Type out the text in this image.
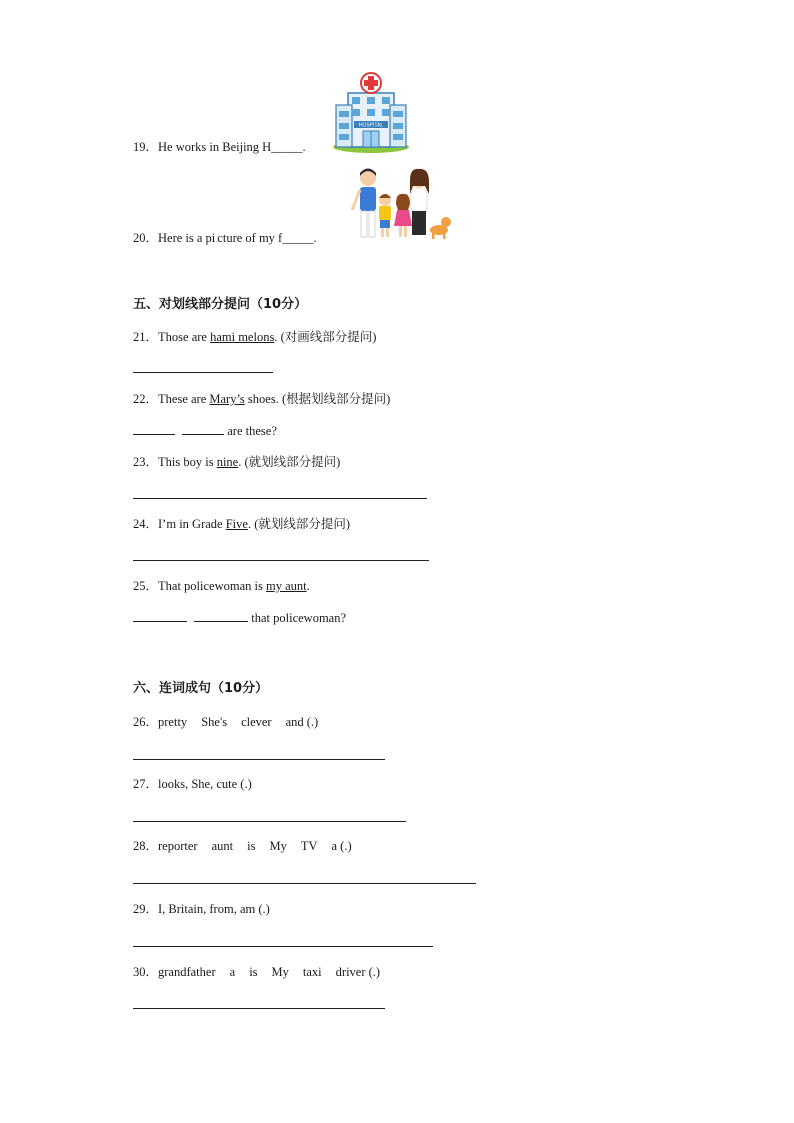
HOSPITAL
19．He works in Beijing H_____.
20．Here is a pi.cture of my f_____.
五、对划线部分提问（10分）
21．Those are hami melons. (对画线部分提问)
22．These are Mary’s shoes. (根据划线部分提问)
are these?
23．This boy is nine. (就划线部分提问)
24．I’m in Grade Five. (就划线部分提问)
25．That policewoman is my aunt.
that policewoman?
六、连词成句（10分）
26．pretty She's clever and (.)
27．looks, She, cute (.)
28．reporter aunt is My TV a (.)
29．I, Britain, from, am (.)
30．grandfather a is My taxi driver (.)
